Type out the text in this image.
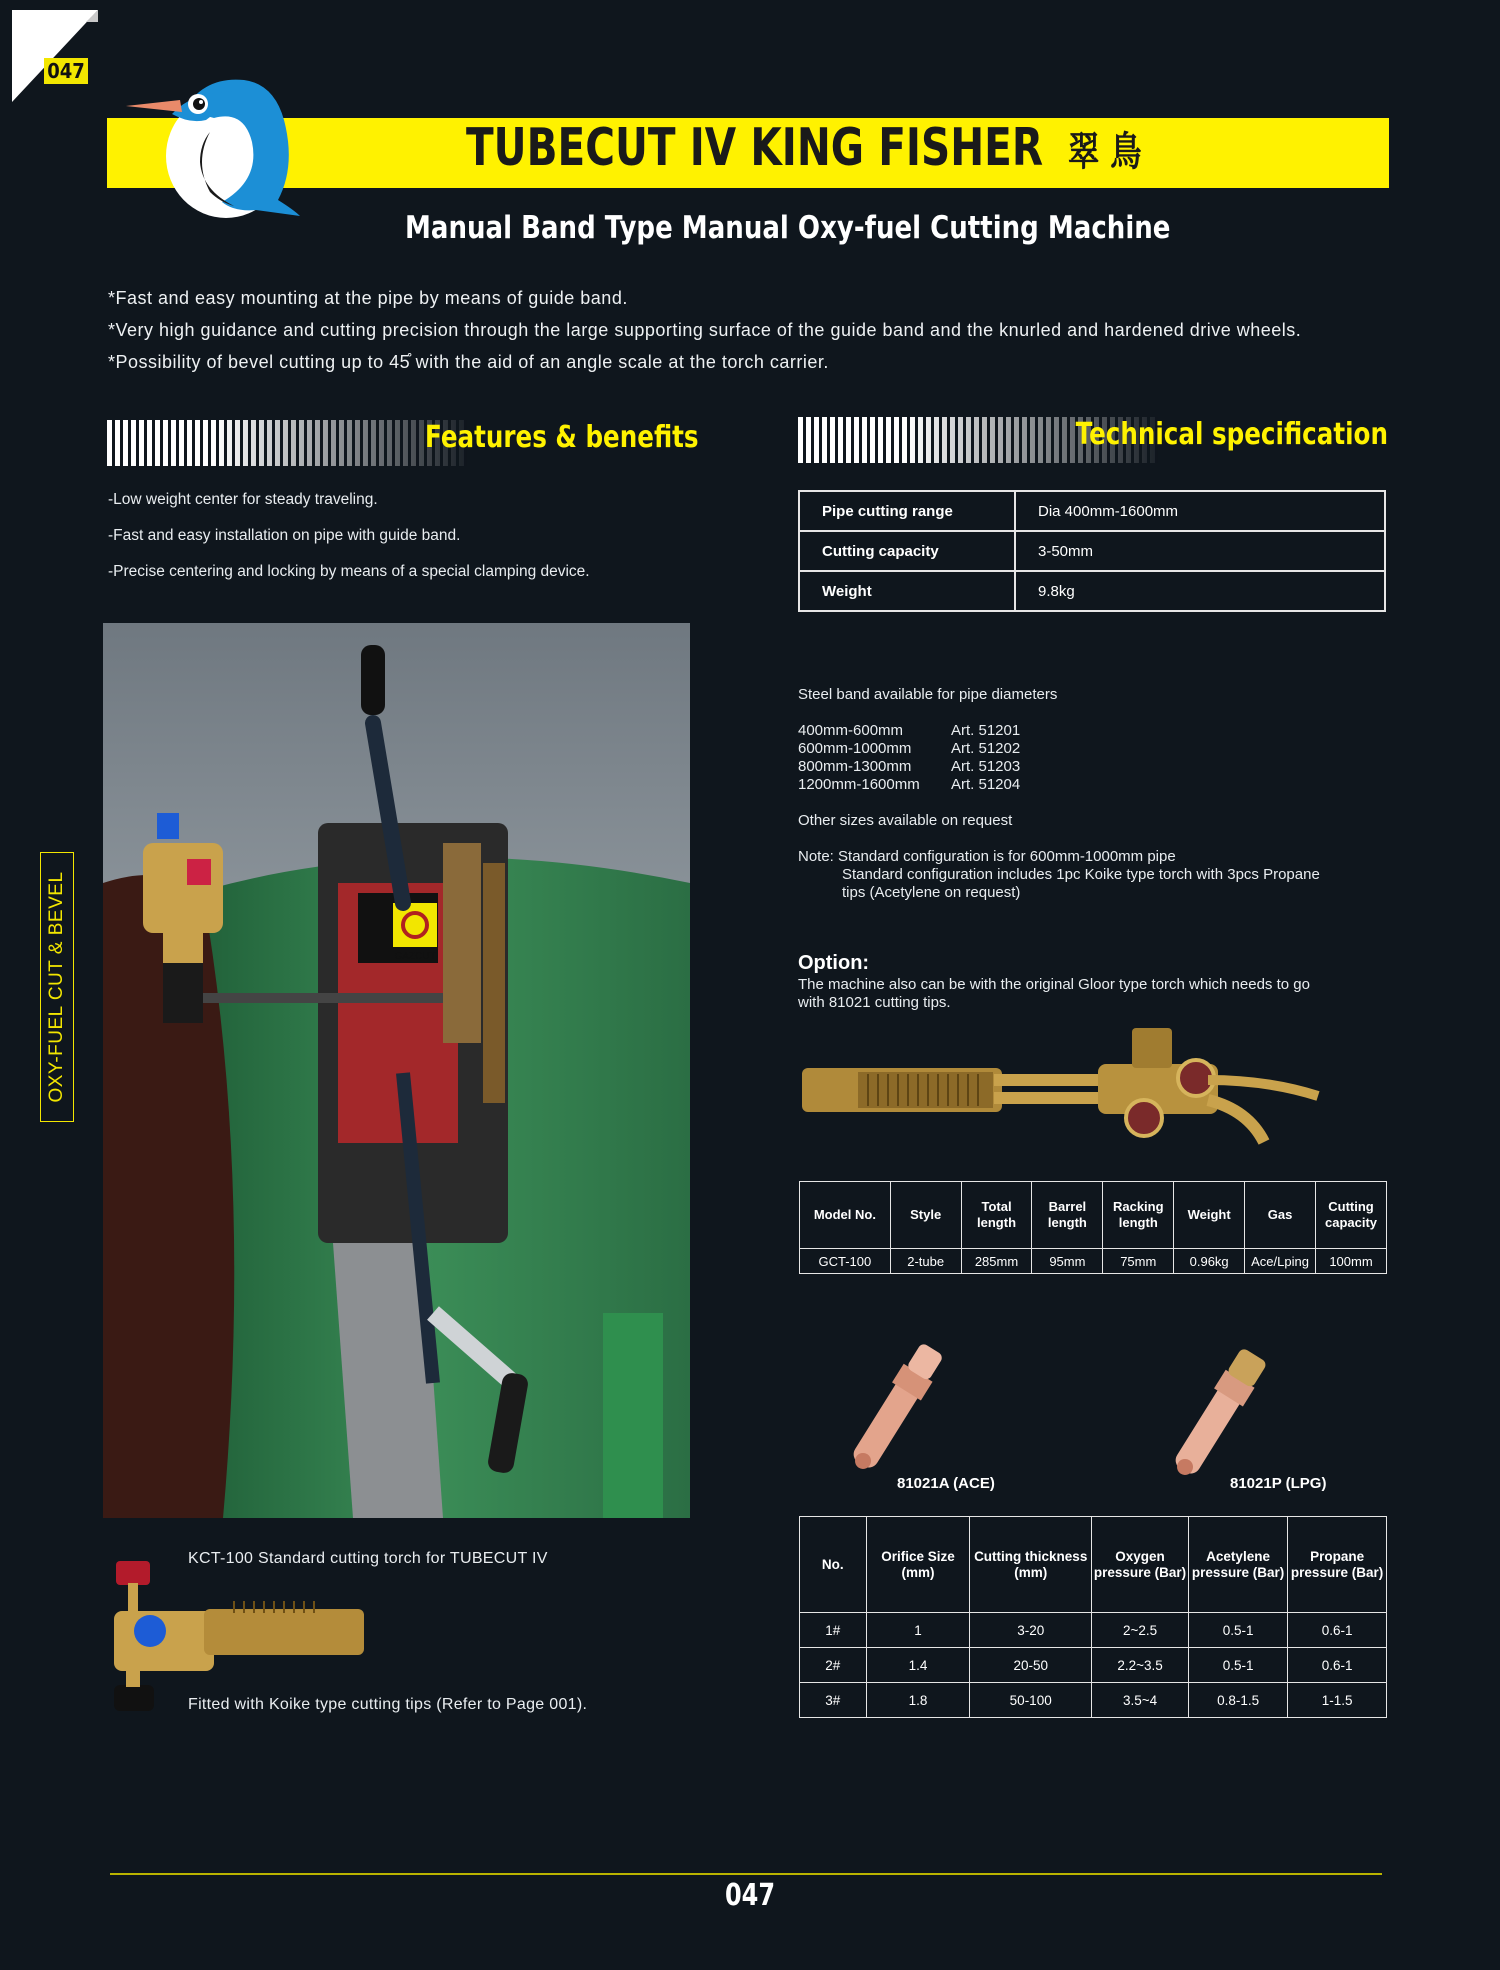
047
TUBECUT IV KING FISHER 翠 鳥
Manual Band Type Manual Oxy-fuel Cutting Machine
*Fast and easy mounting at the pipe by means of guide band.
*Very high guidance and cutting precision through the large supporting surface of the guide band and the knurled and hardened drive wheels.
*Possibility of bevel cutting up to 45̊ with the aid of an angle scale at the torch carrier.
Features & benefits
-Low weight center for steady traveling.
-Fast and easy installation on pipe with guide band.
-Precise centering and locking by means of a special clamping device.
Technical specification
Pipe cutting range	Dia 400mm-1600mm
Cutting capacity	3-50mm
Weight	9.8kg
Steel band available for pipe diameters
400mm-600mm	Art. 51201
600mm-1000mm	Art. 51202
800mm-1300mm	Art. 51203
1200mm-1600mm	Art. 51204
Other sizes available on request
Note: Standard configuration is for 600mm-1000mm pipe
Standard configuration includes 1pc Koike type torch with 3pcs Propane
tips (Acetylene on request)
Option:
The machine also can be with the original Gloor type torch which needs to go
with 81021 cutting tips.
Model No.	Style	Total length	Barrel length	Racking length	Weight	Gas	Cutting capacity
GCT-100	2-tube	285mm	95mm	75mm	0.96kg	Ace/Lping	100mm
81021A (ACE)	81021P (LPG)
No.	Orifice Size (mm)	Cutting thickness (mm)	Oxygen pressure (Bar)	Acetylene pressure (Bar)	Propane pressure (Bar)
1#	1	3-20	2~2.5	0.5-1	0.6-1
2#	1.4	20-50	2.2~3.5	0.5-1	0.6-1
3#	1.8	50-100	3.5~4	0.8-1.5	1-1.5
GAZCUT
KCT-100 Standard cutting torch for TUBECUT IV
Fitted with Koike type cutting tips (Refer to Page 001).
OXY-FUEL CUT & BEVEL
047
